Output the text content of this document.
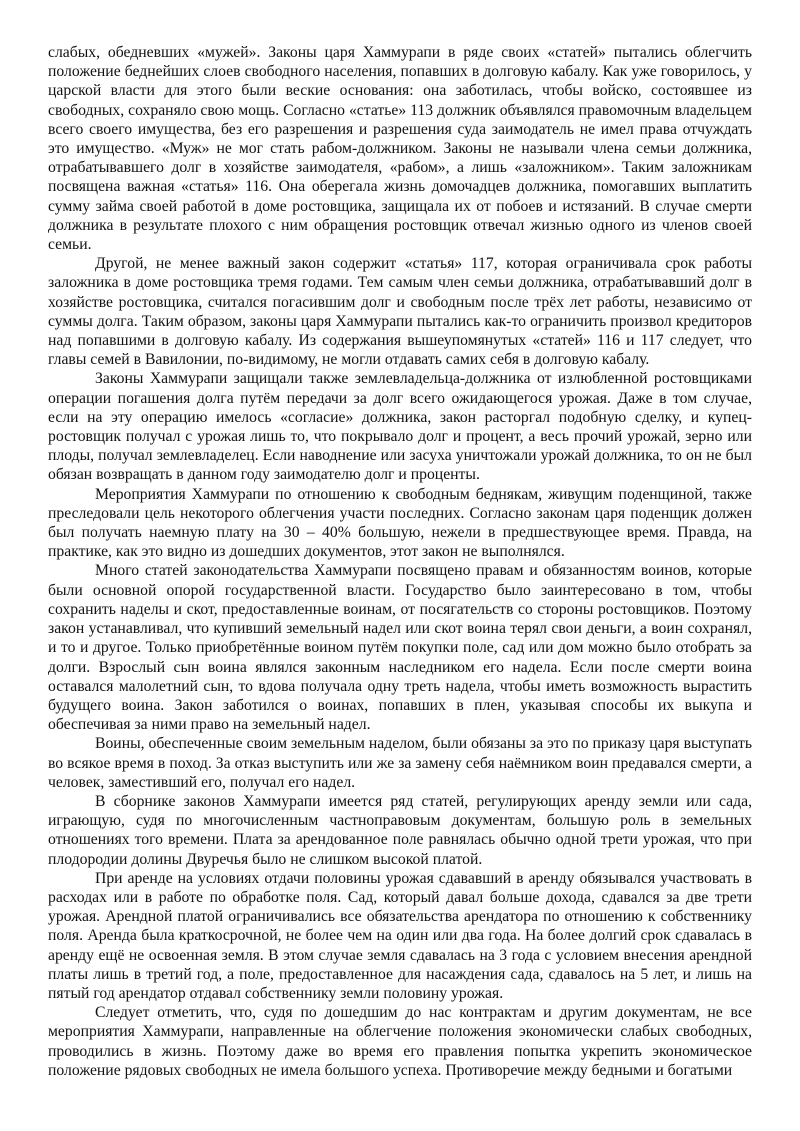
слабых, обедневших «мужей». Законы царя Хаммурапи в ряде своих «статей» пытались облегчить положение беднейших слоев свободного населения, попавших в долговую кабалу. Как уже говорилось, у царской власти для этого были веские основания: она заботилась, чтобы войско, состоявшее из свободных, сохраняло свою мощь. Согласно «статье» 113 должник объявлялся правомочным владельцем всего своего имущества, без его разрешения и разрешения суда заимодатель не имел права отчуждать это имущество. «Муж» не мог стать рабом-должником. Законы не называли члена семьи должника, отрабатывавшего долг в хозяйстве заимодателя, «рабом», а лишь «заложником». Таким заложникам посвящена важная «статья» 116. Она оберегала жизнь домочадцев должника, помогавших выплатить сумму займа своей работой в доме ростовщика, защищала их от побоев и истязаний. В случае смерти должника в результате плохого с ним обращения ростовщик отвечал жизнью одного из членов своей семьи.

Другой, не менее важный закон содержит «статья» 117, которая ограничивала срок работы заложника в доме ростовщика тремя годами. Тем самым член семьи должника, отрабатывавший долг в хозяйстве ростовщика, считался погасившим долг и свободным после трёх лет работы, независимо от суммы долга. Таким образом, законы царя Хаммурапи пытались как-то ограничить произвол кредиторов над попавшими в долговую кабалу. Из содержания вышеупомянутых «статей» 116 и 117 следует, что главы семей в Вавилонии, по-видимому, не могли отдавать самих себя в долговую кабалу.

Законы Хаммурапи защищали также землевладельца-должника от излюбленной ростовщиками операции погашения долга путём передачи за долг всего ожидающегося урожая. Даже в том случае, если на эту операцию имелось «согласие» должника, закон расторгал подобную сделку, и купец-ростовщик получал с урожая лишь то, что покрывало долг и процент, а весь прочий урожай, зерно или плоды, получал землевладелец. Если наводнение или засуха уничтожали урожай должника, то он не был обязан возвращать в данном году заимодателю долг и проценты.

Мероприятия Хаммурапи по отношению к свободным беднякам, живущим поденщиной, также преследовали цель некоторого облегчения участи последних. Согласно законам царя поденщик должен был получать наемную плату на 30 – 40% большую, нежели в предшествующее время. Правда, на практике, как это видно из дошедших документов, этот закон не выполнялся.

Много статей законодательства Хаммурапи посвящено правам и обязанностям воинов, которые были основной опорой государственной власти. Государство было заинтересовано в том, чтобы сохранить наделы и скот, предоставленные воинам, от посягательств со стороны ростовщиков. Поэтому закон устанавливал, что купивший земельный надел или скот воина терял свои деньги, а воин сохранял, и то и другое. Только приобретённые воином путём покупки поле, сад или дом можно было отобрать за долги. Взрослый сын воина являлся законным наследником его надела. Если после смерти воина оставался малолетний сын, то вдова получала одну треть надела, чтобы иметь возможность вырастить будущего воина. Закон заботился о воинах, попавших в плен, указывая способы их выкупа и обеспечивая за ними право на земельный надел.

Воины, обеспеченные своим земельным наделом, были обязаны за это по приказу царя выступать во всякое время в поход. За отказ выступить или же за замену себя наёмником воин предавался смерти, а человек, заместивший его, получал его надел.

В сборнике законов Хаммурапи имеется ряд статей, регулирующих аренду земли или сада, играющую, судя по многочисленным частноправовым документам, большую роль в земельных отношениях того времени. Плата за арендованное поле равнялась обычно одной трети урожая, что при плодородии долины Двуречья было не слишком высокой платой.

При аренде на условиях отдачи половины урожая сдававший в аренду обязывался участвовать в расходах или в работе по обработке поля. Сад, который давал больше дохода, сдавался за две трети урожая. Арендной платой ограничивались все обязательства арендатора по отношению к собственнику поля. Аренда была краткосрочной, не более чем на один или два года. На более долгий срок сдавалась в аренду ещё не освоенная земля. В этом случае земля сдавалась на 3 года с условием внесения арендной платы лишь в третий год, а поле, предоставленное для насаждения сада, сдавалось на 5 лет, и лишь на пятый год арендатор отдавал собственнику земли половину урожая.

Следует отметить, что, судя по дошедшим до нас контрактам и другим документам, не все мероприятия Хаммурапи, направленные на облегчение положения экономически слабых свободных, проводились в жизнь. Поэтому даже во время его правления попытка укрепить экономическое положение рядовых свободных не имела большого успеха. Противоречие между бедными и богатыми
